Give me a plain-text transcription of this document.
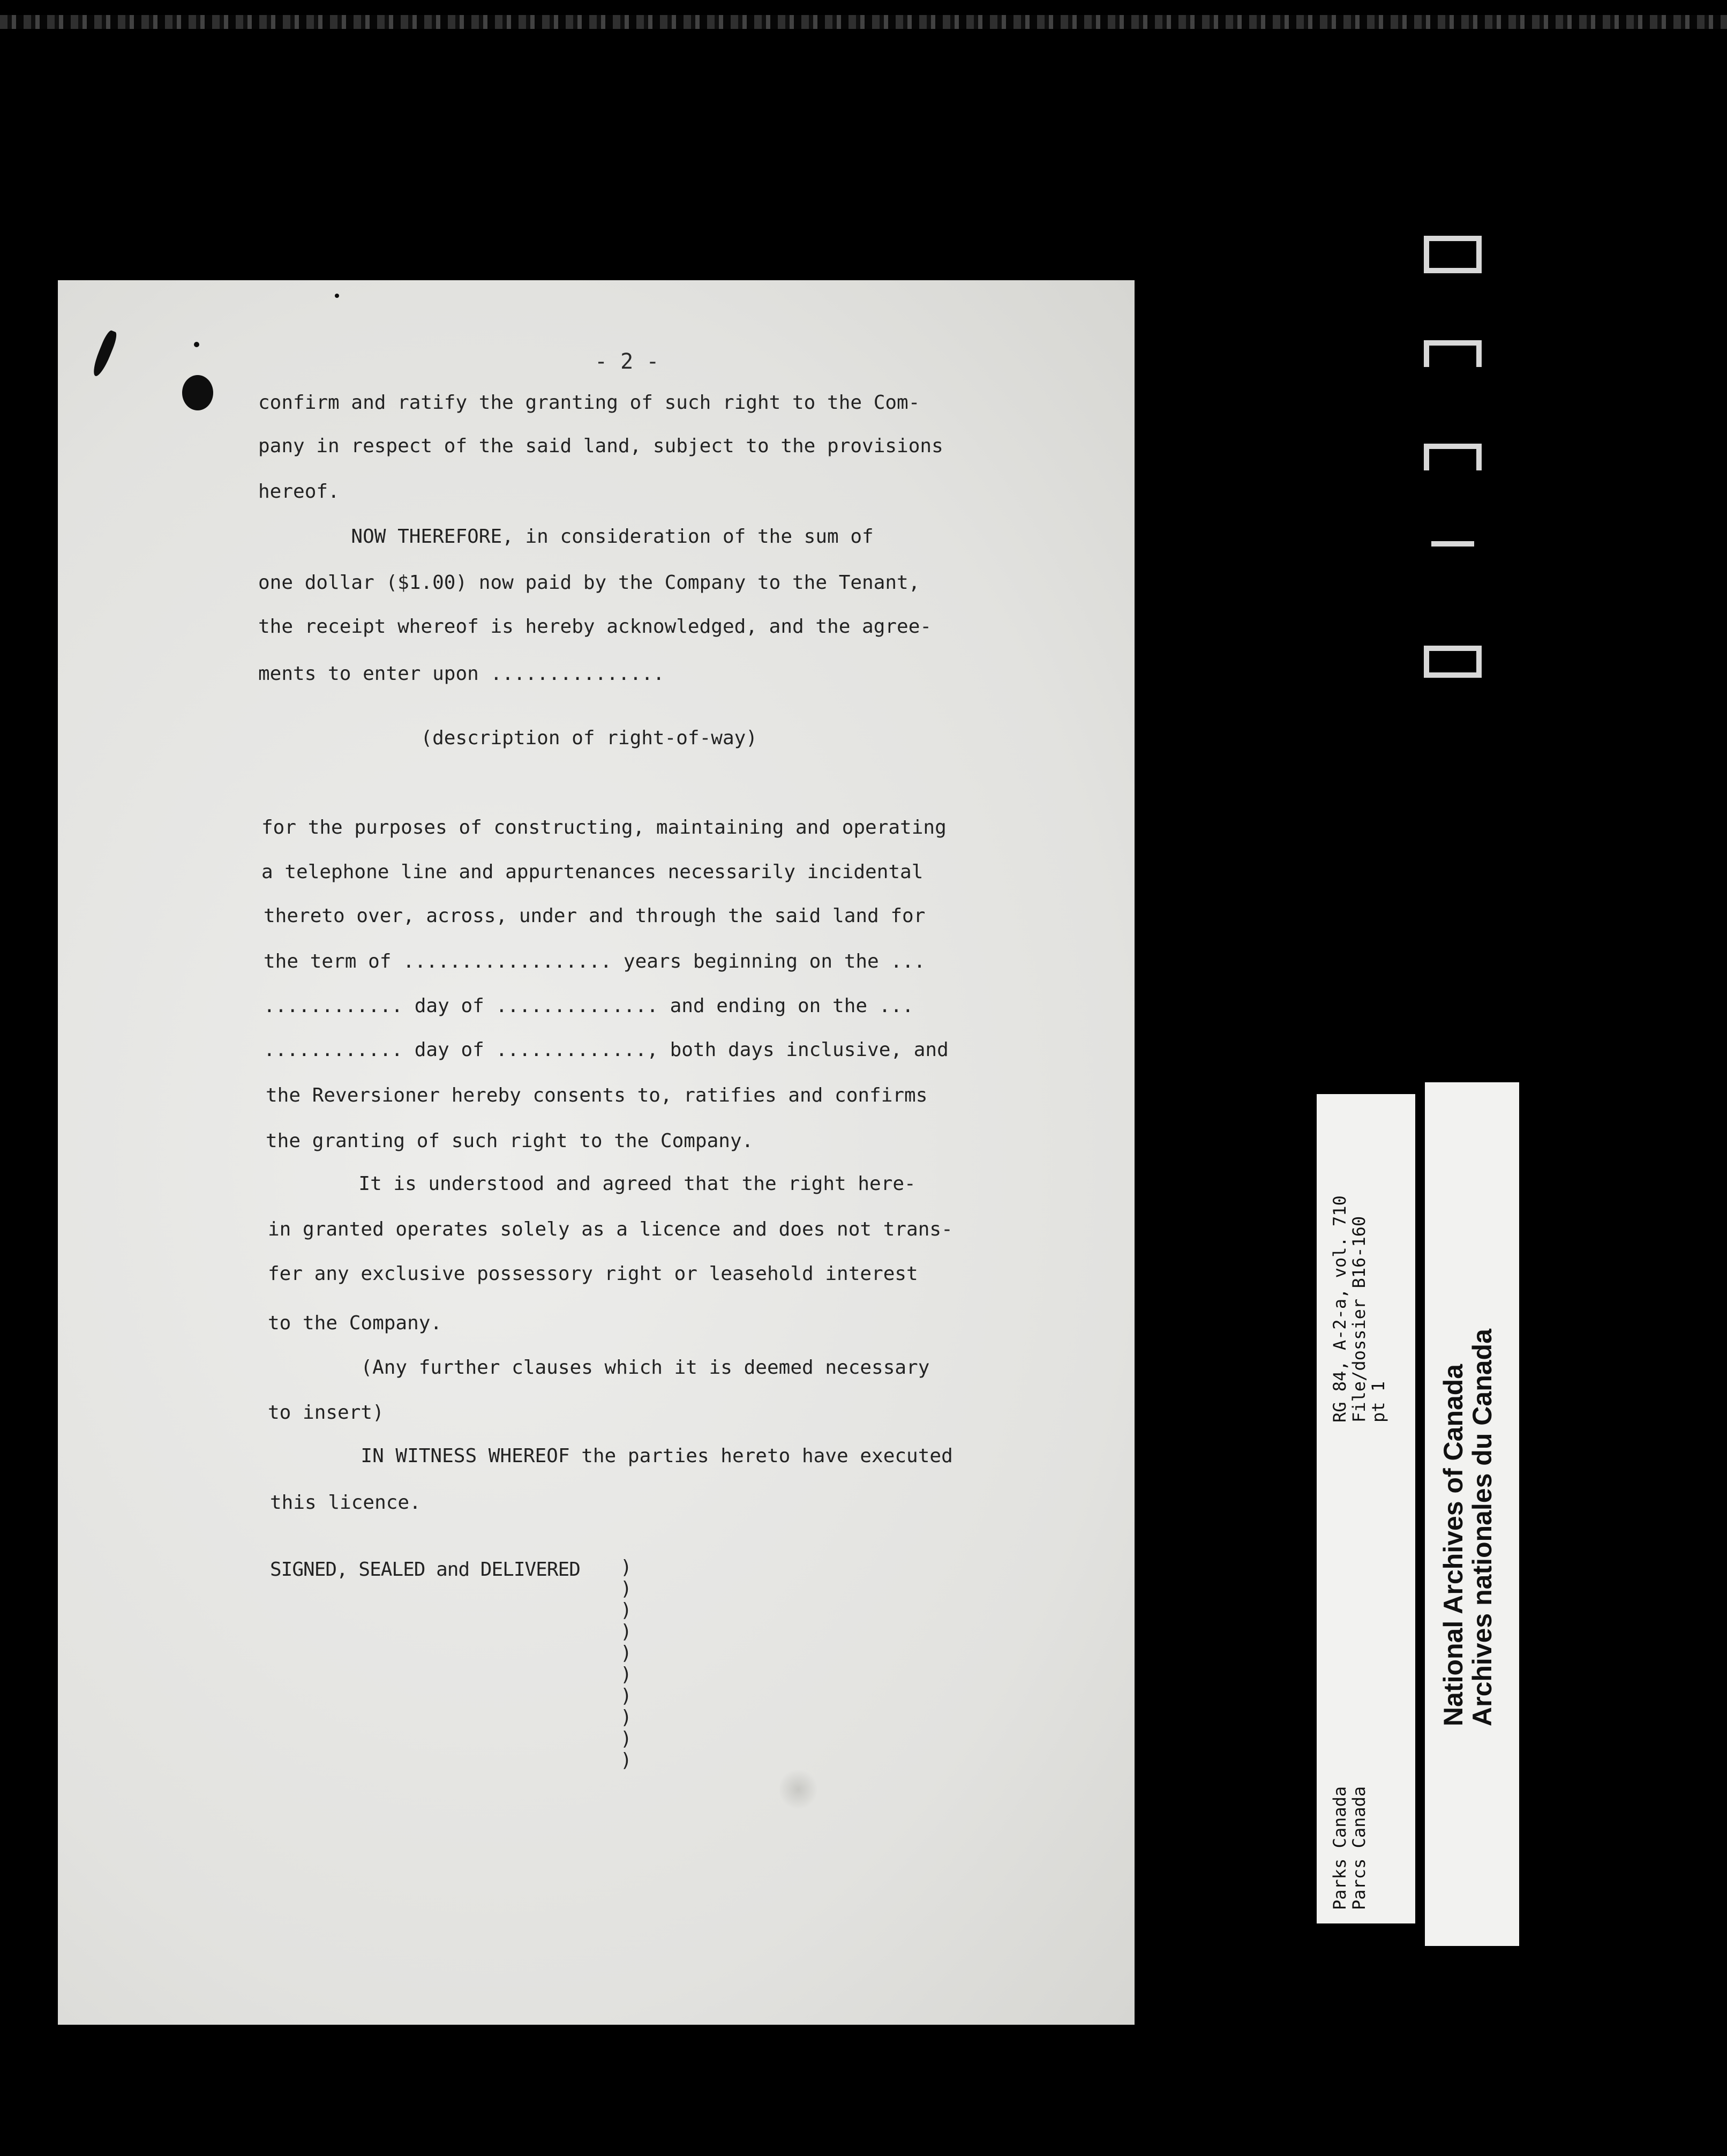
- 2 -
confirm and ratify the granting of such right to the Com-
pany in respect of the said land, subject to the provisions
hereof.
NOW THEREFORE, in consideration of the sum of
one dollar ($1.00) now paid by the Company to the Tenant,
the receipt whereof is hereby acknowledged, and the agree-
ments to enter upon ...............
(description of right-of-way)
for the purposes of constructing, maintaining and operating
a telephone line and appurtenances necessarily incidental
thereto over, across, under and through the said land for
the term of .................. years beginning on the ...
............ day of .............. and ending on the ...
............ day of ............., both days inclusive, and
the Reversioner hereby consents to, ratifies and confirms
the granting of such right to the Company.
It is understood and agreed that the right here-
in granted operates solely as a licence and does not trans-
fer any exclusive possessory right or leasehold interest
to the Company.
(Any further clauses which it is deemed necessary
to insert)
IN WITNESS WHEREOF the parties hereto have executed
this licence.
SIGNED, SEALED and DELIVERED )
)
)
)
)
)
)
)
)
)
RG 84, A-2-a, vol. 710
File/dossier B16-160
pt 1
Parks Canada
Parcs Canada
National Archives of Canada
Archives nationales du Canada
